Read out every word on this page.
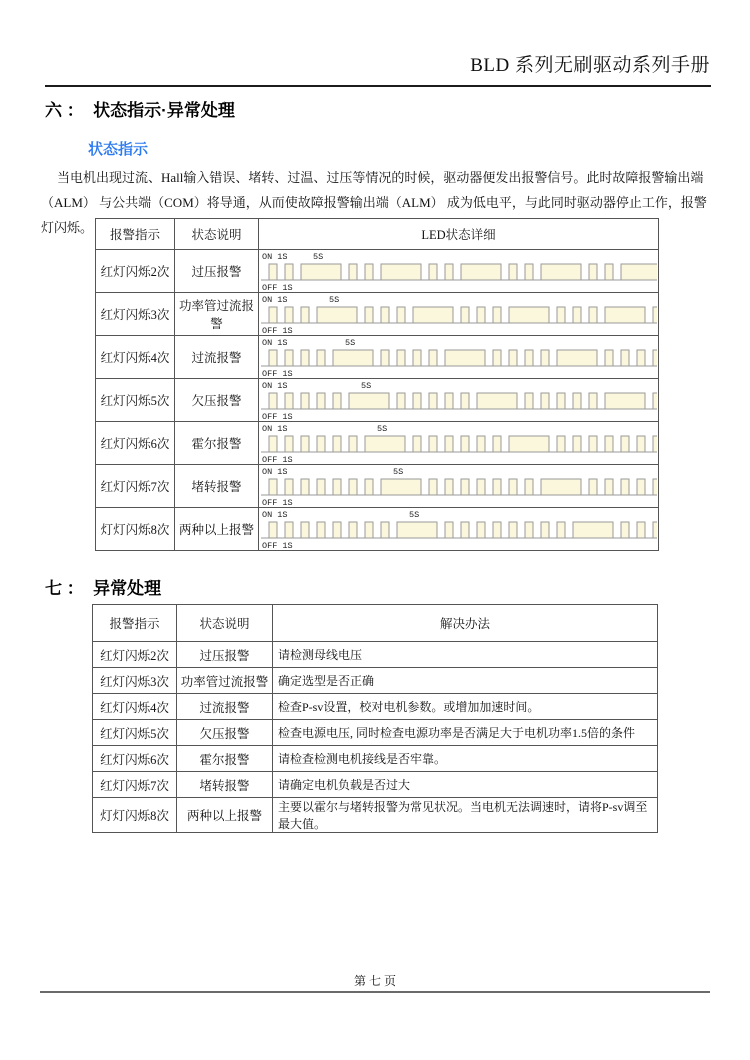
BLD 系列无刷驱动系列手册
六 ：  状态指示·异常处理
状态指示
当电机出现过流、Hall输入错误、堵转、过温、过压等情况的时候，驱动器便发出报警信号。此时故障报警输出端
（ALM） 与公共端（COM）将导通，从而使故障报警输出端（ALM） 成为低电平，与此同时驱动器停止工作，报警灯闪烁。	报警指示	状态说明	LED状态详细
红灯闪烁2次	过压报警	ON 1S 5S
OFF 1S

红灯闪烁3次	功率管过流报警	ON 1S 5S
OFF 1S

红灯闪烁4次	过流报警	ON 1S 5S
OFF 1S

红灯闪烁5次	欠压报警	ON 1S 5S
OFF 1S

红灯闪烁6次	霍尔报警	ON 1S 5S
OFF 1S

红灯闪烁7次	堵转报警	ON 1S 5S
OFF 1S

灯灯闪烁8次	两种以上报警	ON 1S 5S
OFF 1S
七 ：  异常处理
报警指示	状态说明	解决办法
红灯闪烁2次	过压报警	请检测母线电压
红灯闪烁3次	功率管过流报警	确定选型是否正确
红灯闪烁4次	过流报警	检查P-sv设置，校对电机参数。或增加加速时间。
红灯闪烁5次	欠压报警	检查电源电压, 同时检查电源功率是否满足大于电机功率1.5倍的条件
红灯闪烁6次	霍尔报警	请检查检测电机接线是否牢靠。
红灯闪烁7次	堵转报警	请确定电机负载是否过大
灯灯闪烁8次	两种以上报警	主要以霍尔与堵转报警为常见状况。当电机无法调速时，请将P-sv调至最大值。
第 七 页
